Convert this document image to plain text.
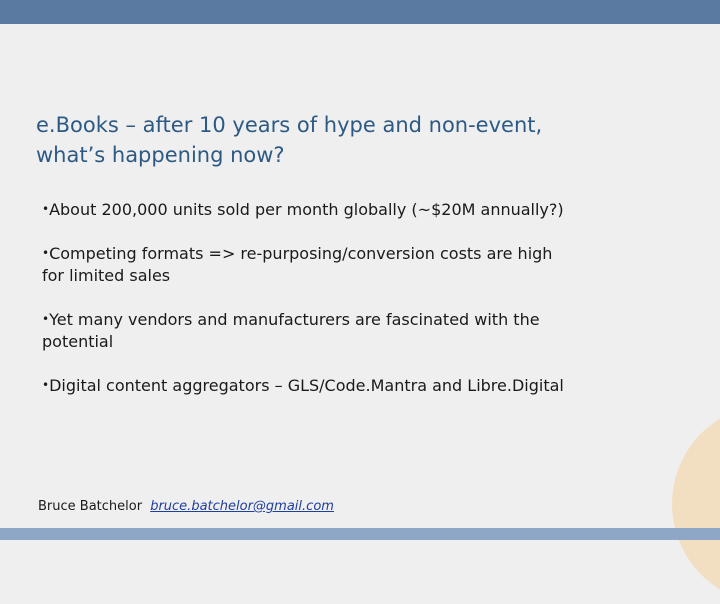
e.Books – after 10 years of hype and non-event,
what’s happening now?
•About 200,000 units sold per month globally (~$20M annually?)
•Competing formats => re-purposing/conversion costs are high
for limited sales
•Yet many vendors and manufacturers are fascinated with the
potential
•Digital content aggregators – GLS/Code.Mantra and Libre.Digital
Bruce Batchelor bruce.batchelor@gmail.com
